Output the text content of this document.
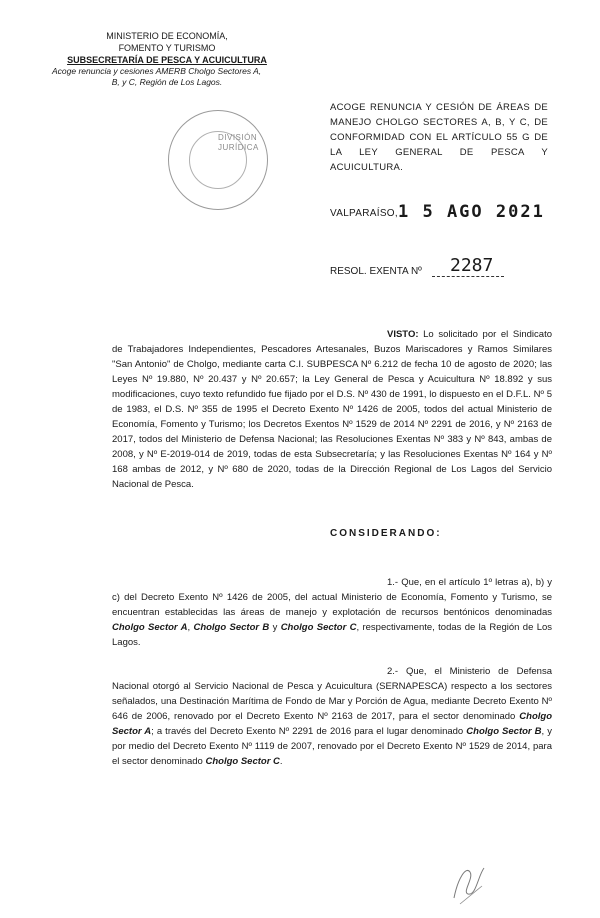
MINISTERIO DE ECONOMÍA,
FOMENTO Y TURISMO
SUBSECRETARÍA DE PESCA Y ACUICULTURA
Acoge renuncia y cesiones AMERB Cholgo Sectores A,
B, y C, Región de Los Lagos.
DIVISIÓN
JURÍDICA
ACOGE RENUNCIA Y CESIÓN DE ÁREAS DE MANEJO CHOLGO SECTORES A, B, Y C, DE CONFORMIDAD CON EL ARTÍCULO 55 G DE LA LEY GENERAL DE PESCA Y ACUICULTURA.
VALPARAÍSO, 1 5 AGO 2021
RESOL. EXENTA Nº 2287

VISTO: Lo solicitado por el Sindicato de Trabajadores Independientes, Pescadores Artesanales, Buzos Mariscadores y Ramos Similares "San Antonio" de Cholgo, mediante carta C.I. SUBPESCA Nº 6.212 de fecha 10 de agosto de 2020; las Leyes Nº 19.880, Nº 20.437 y Nº 20.657; la Ley General de Pesca y Acuicultura Nº 18.892 y sus modificaciones, cuyo texto refundido fue fijado por el D.S. Nº 430 de 1991, lo dispuesto en el D.F.L. Nº 5 de 1983, el D.S. Nº 355 de 1995 el Decreto Exento Nº 1426 de 2005, todos del actual Ministerio de Economía, Fomento y Turismo; los Decretos Exentos Nº 1529 de 2014 Nº 2291 de 2016, y Nº 2163 de 2017, todos del Ministerio de Defensa Nacional; las Resoluciones Exentas Nº 383 y Nº 843, ambas de 2008, y Nº E-2019-014 de 2019, todas de esta Subsecretaría; y las Resoluciones Exentas Nº 164 y Nº 168 ambas de 2012, y Nº 680 de 2020, todas de la Dirección Regional de Los Lagos del Servicio Nacional de Pesca.

CONSIDERANDO:

1.- Que, en el artículo 1º letras a), b) y c) del Decreto Exento Nº 1426 de 2005, del actual Ministerio de Economía, Fomento y Turismo, se encuentran establecidas las áreas de manejo y explotación de recursos bentónicos denominadas Cholgo Sector A, Cholgo Sector B y Cholgo Sector C, respectivamente, todas de la Región de Los Lagos.

2.- Que, el Ministerio de Defensa Nacional otorgó al Servicio Nacional de Pesca y Acuicultura (SERNAPESCA) respecto a los sectores señalados, una Destinación Marítima de Fondo de Mar y Porción de Agua, mediante Decreto Exento Nº 646 de 2006, renovado por el Decreto Exento Nº 2163 de 2017, para el sector denominado Cholgo Sector A; a través del Decreto Exento Nº 2291 de 2016 para el lugar denominado Cholgo Sector B, y por medio del Decreto Exento Nº 1119 de 2007, renovado por el Decreto Exento Nº 1529 de 2014, para el sector denominado Cholgo Sector C.
